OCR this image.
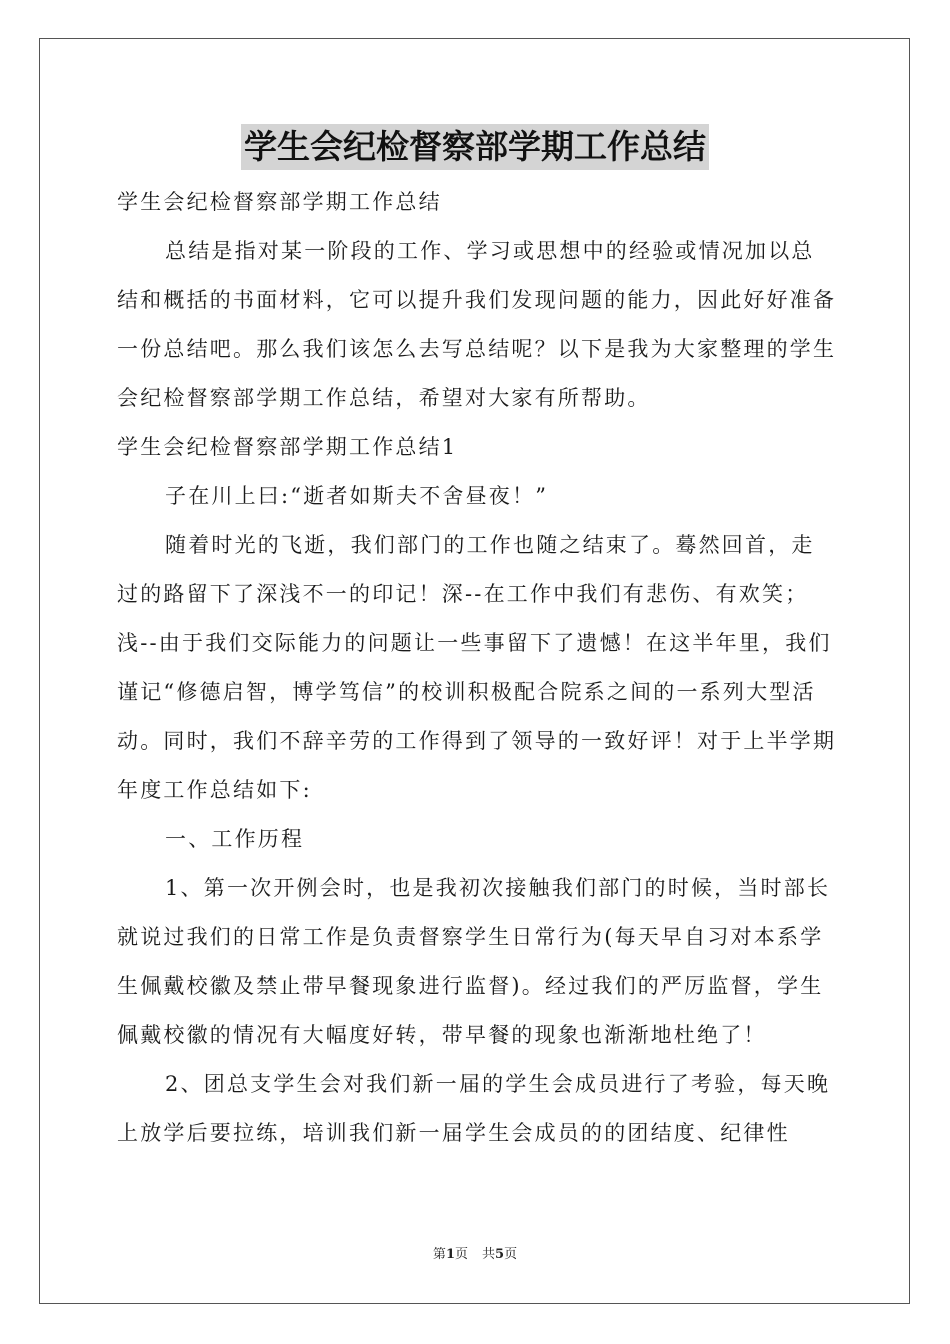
学生会纪检督察部学期工作总结

学生会纪检督察部学期工作总结

总结是指对某一阶段的工作、学习或思想中的经验或情况加以总结和概括的书面材料，它可以提升我们发现问题的能力，因此好好准备一份总结吧。那么我们该怎么去写总结呢？以下是我为大家整理的学生会纪检督察部学期工作总结，希望对大家有所帮助。

学生会纪检督察部学期工作总结1

子在川上曰:“逝者如斯夫不舍昼夜！”

随着时光的飞逝，我们部门的工作也随之结束了。蓦然回首，走过的路留下了深浅不一的印记！深--在工作中我们有悲伤、有欢笑；浅--由于我们交际能力的问题让一些事留下了遗憾！在这半年里，我们谨记“修德启智，博学笃信”的校训积极配合院系之间的一系列大型活动。同时，我们不辞辛劳的工作得到了领导的一致好评！对于上半学期年度工作总结如下:

一、工作历程

1、第一次开例会时，也是我初次接触我们部门的时候，当时部长就说过我们的日常工作是负责督察学生日常行为(每天早自习对本系学生佩戴校徽及禁止带早餐现象进行监督)。经过我们的严厉监督，学生佩戴校徽的情况有大幅度好转，带早餐的现象也渐渐地杜绝了！

2、团总支学生会对我们新一届的学生会成员进行了考验，每天晚上放学后要拉练，培训我们新一届学生会成员的的团结度、纪律性

第1页 共5页
